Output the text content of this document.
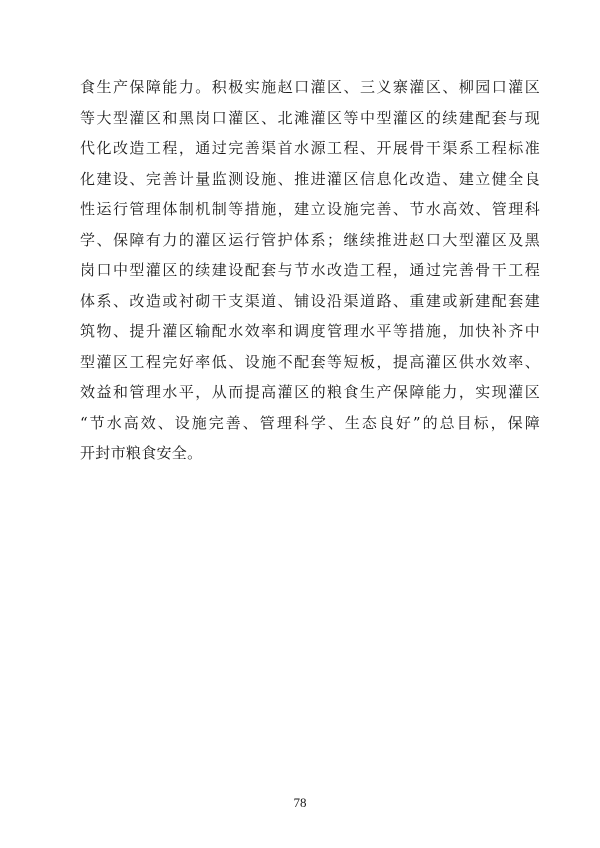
食生产保障能力。积极实施赵口灌区、三义寨灌区、柳园口灌区
等大型灌区和黑岗口灌区、北滩灌区等中型灌区的续建配套与现
代化改造工程，通过完善渠首水源工程、开展骨干渠系工程标准
化建设、完善计量监测设施、推进灌区信息化改造、建立健全良
性运行管理体制机制等措施，建立设施完善、节水高效、管理科
学、保障有力的灌区运行管护体系；继续推进赵口大型灌区及黑
岗口中型灌区的续建设配套与节水改造工程，通过完善骨干工程
体系、改造或衬砌干支渠道、铺设沿渠道路、重建或新建配套建
筑物、提升灌区输配水效率和调度管理水平等措施，加快补齐中
型灌区工程完好率低、设施不配套等短板，提高灌区供水效率、
效益和管理水平，从而提高灌区的粮食生产保障能力，实现灌区
“节水高效、设施完善、管理科学、生态良好”的总目标，保障
开封市粮食安全。
78
